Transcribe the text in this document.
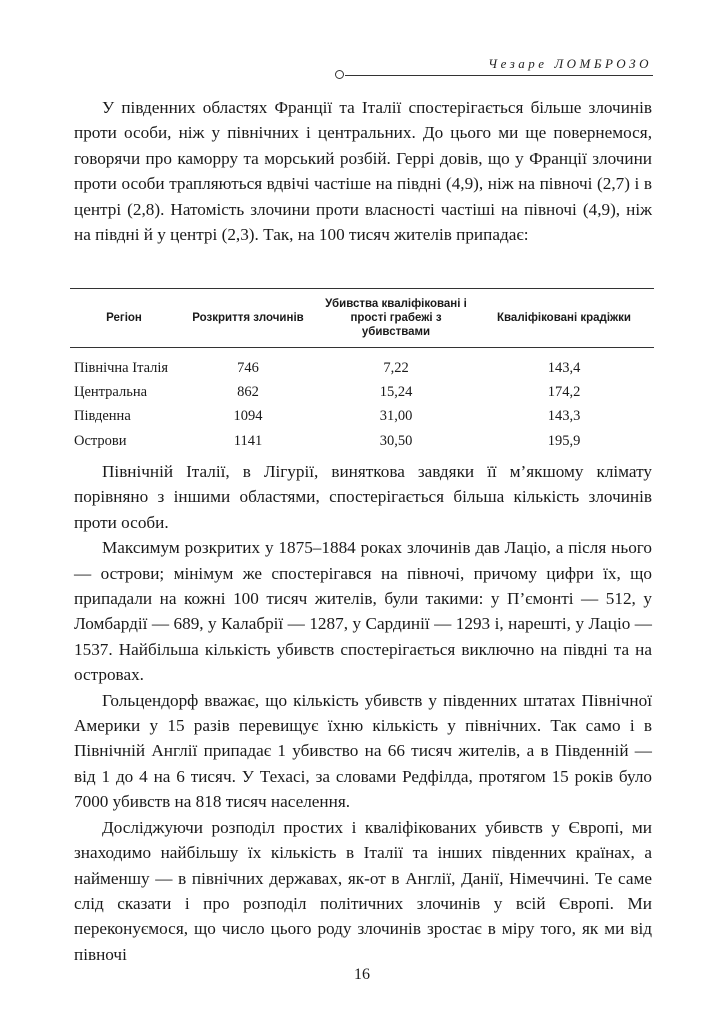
Чезаре ЛОМБРОЗО

У південних областях Франції та Італії спостерігається більше злочинів проти особи, ніж у північних і центральних. До цього ми ще повернемося, говорячи про каморру та морський розбій. Геррі довів, що у Франції злочини проти особи трапляються вдвічі частіше на півдні (4,9), ніж на півночі (2,7) і в центрі (2,8). Натомість злочини проти власності частіші на півночі (4,9), ніж на півдні й у центрі (2,3). Так, на 100 тисяч жителів припадає:

Регіон	Розкриття злочинів	Убивства кваліфіковані і прості грабежі з убивствами	Кваліфіковані крадіжки
Північна Італія	746	7,22	143,4
Центральна	862	15,24	174,2
Південна	1094	31,00	143,3
Острови	1141	30,50	195,9

Північній Італії, в Лігурії, виняткова завдяки її м’якшому клімату порівняно з іншими областями, спостерігається більша кількість злочинів проти особи.

Максимум розкритих у 1875–1884 роках злочинів дав Лаціо, а після нього — острови; мінімум же спостерігався на півночі, причому цифри їх, що припадали на кожні 100 тисяч жителів, були такими: у П’ємонті — 512, у Ломбардії — 689, у Калабрії — 1287, у Сардинії — 1293 і, нарешті, у Лаціо — 1537. Найбільша кількість убивств спостерігається виключно на півдні та на островах.

Гольцендорф вважає, що кількість убивств у південних штатах Північної Америки у 15 разів перевищує їхню кількість у північних. Так само і в Північній Англії припадає 1 убивство на 66 тисяч жителів, а в Південній — від 1 до 4 на 6 тисяч. У Техасі, за словами Редфілда, протягом 15 років було 7000 убивств на 818 тисяч населення.

Досліджуючи розподіл простих і кваліфікованих убивств у Європі, ми знаходимо найбільшу їх кількість в Італії та інших південних країнах, а найменшу — в північних державах, як-от в Англії, Данії, Німеччині. Те саме слід сказати і про розподіл політичних злочинів у всій Європі. Ми переконуємося, що число цього роду злочинів зростає в міру того, як ми від півночі

16
